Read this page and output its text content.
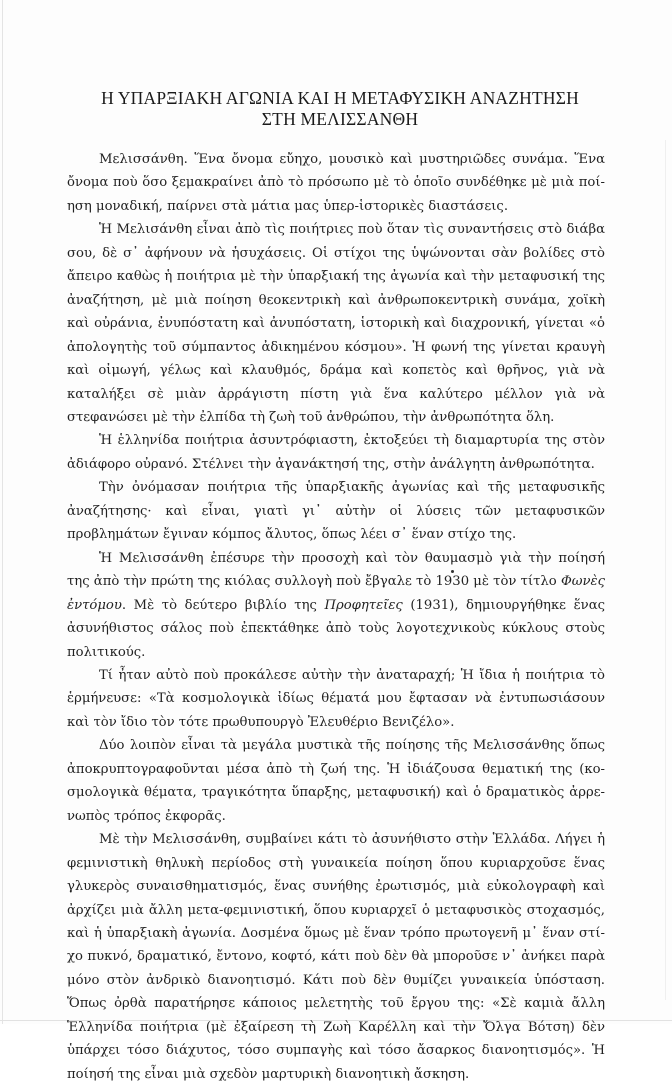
Η ΥΠΑΡΞΙΑΚΗ ΑΓΩΝΙΑ ΚΑΙ Η ΜΕΤΑΦΥΣΙΚΗ ΑΝΑΖΗΤΗΣΗ
ΣΤΗ ΜΕΛΙΣΣΑΝΘΗ

Μελισσάνθη. Ἕνα ὄνομα εὔηχο, μουσικὸ καὶ μυστηριῶδες συνάμα. Ἕνα ὄνομα ποὺ ὅσο ξεμακραίνει ἀπὸ τὸ πρόσωπο μὲ τὸ ὁποῖο συνδέθηκε μὲ μιὰ ποίηση μοναδική, παίρνει στὰ μάτια μας ὑπερ-ἱστορικὲς διαστάσεις.

Ἡ Μελισάνθη εἶναι ἀπὸ τὶς ποιήτριες ποὺ ὅταν τὶς συναντήσεις στὸ διάβα σου, δὲ σ᾽ ἀφήνουν νὰ ἡσυχάσεις. Οἱ στίχοι της ὑψώνονται σὰν βολίδες στὸ ἄπειρο καθὼς ἡ ποιήτρια μὲ τὴν ὑπαρξιακή της ἀγωνία καὶ τὴν μεταφυσική της ἀναζήτηση, μὲ μιὰ ποίηση θεοκεντρικὴ καὶ ἀνθρωποκεντρικὴ συνάμα, χοϊκὴ καὶ οὐράνια, ἐνυπόστατη καὶ ἀνυπόστατη, ἱστορικὴ καὶ διαχρονική, γίνεται «ὁ ἀπολογητὴς τοῦ σύμπαντος ἀδικημένου κόσμου». Ἡ φωνή της γίνεται κραυγὴ καὶ οἰμωγή, γέλως καὶ κλαυθμός, δράμα καὶ κοπετὸς καὶ θρῆνος, γιὰ νὰ καταλήξει σὲ μιὰν ἀρράγιστη πίστη γιὰ ἕνα καλύτερο μέλλον γιὰ νὰ στεφανώσει μὲ τὴν ἐλπίδα τὴ ζωὴ τοῦ ἀνθρώπου, τὴν ἀνθρωπότητα ὅλη.

Ἡ ἑλληνίδα ποιήτρια ἀσυντρόφιαστη, ἐκτοξεύει τὴ διαμαρτυρία της στὸν ἀδιάφορο οὐρανό. Στέλνει τὴν ἀγανάκτησή της, στὴν ἀνάλγητη ἀνθρωπότητα.

Τὴν ὀνόμασαν ποιήτρια τῆς ὑπαρξιακῆς ἀγωνίας καὶ τῆς μεταφυσικῆς ἀναζήτησης· καὶ εἶναι, γιατὶ γι᾽ αὐτὴν οἱ λύσεις τῶν μεταφυσικῶν προβλημάτων ἔγιναν κόμπος ἄλυτος, ὅπως λέει σ᾽ ἕναν στίχο της.

Ἡ Μελισσάνθη ἐπέσυρε τὴν προσοχὴ καὶ τὸν θαυμασμὸ γιὰ τὴν ποίησή της ἀπὸ τὴν πρώτη της κιόλας συλλογὴ ποὺ ἔβγαλε τὸ 1930 μὲ τὸν τίτλο Φωνὲς ἐντόμου. Μὲ τὸ δεύτερο βιβλίο της Προφητεῖες (1931), δημιουργήθηκε ἕνας ἀσυνήθιστος σάλος ποὺ ἐπεκτάθηκε ἀπὸ τοὺς λογοτεχνικοὺς κύκλους στοὺς πολιτικούς.

Τί ἦταν αὐτὸ ποὺ προκάλεσε αὐτὴν τὴν ἀναταραχή; Ἡ ἴδια ἡ ποιήτρια τὸ ἑρμήνευσε: «Τὰ κοσμολογικὰ ἰδίως θέματά μου ἔφτασαν νὰ ἐντυπωσιάσουν καὶ τὸν ἴδιο τὸν τότε πρωθυπουργὸ Ἐλευθέριο Βενιζέλο».

Δύο λοιπὸν εἶναι τὰ μεγάλα μυστικὰ τῆς ποίησης τῆς Μελισσάνθης ὅπως ἀποκρυπτογραφοῦνται μέσα ἀπὸ τὴ ζωή της. Ἡ ἰδιάζουσα θεματική της (κοσμολογικὰ θέματα, τραγικότητα ὕπαρξης, μεταφυσική) καὶ ὁ δραματικὸς ἀρρενωπὸς τρόπος ἐκφορᾶς.

Μὲ τὴν Μελισσάνθη, συμβαίνει κάτι τὸ ἀσυνήθιστο στὴν Ἑλλάδα. Λήγει ἡ φεμινιστικὴ θηλυκὴ περίοδος στὴ γυναικεία ποίηση ὅπου κυριαρχοῦσε ἕνας γλυκερὸς συναισθηματισμός, ἕνας συνήθης ἐρωτισμός, μιὰ εὐκολογραφὴ καὶ ἀρχίζει μιὰ ἄλλη μετα-φεμινιστική, ὅπου κυριαρχεῖ ὁ μεταφυσικὸς στοχασμός, καὶ ἡ ὑπαρξιακὴ ἀγωνία. Δοσμένα ὅμως μὲ ἕναν τρόπο πρωτογενῆ μ᾽ ἕναν στίχο πυκνό, δραματικό, ἔντονο, κοφτό, κάτι ποὺ δὲν θὰ μποροῦσε ν᾽ ἀνήκει παρὰ μόνο στὸν ἀνδρικὸ διανοητισμό. Κάτι ποὺ δὲν θυμίζει γυναικεία ὑπόσταση. Ὅπως ὀρθὰ παρατήρησε κάποιος μελετητὴς τοῦ ἔργου της: «Σὲ καμιὰ ἄλλη Ἑλληνίδα ποιήτρια (μὲ ἐξαίρεση τὴ Ζωὴ Καρέλλη καὶ τὴν Ὄλγα Βότση) δὲν ὑπάρχει τόσο διάχυτος, τόσο συμπαγὴς καὶ τόσο ἄσαρκος διανοητισμός». Ἡ ποίησή της εἶναι μιὰ σχεδὸν μαρτυρικὴ διανοητικὴ ἄσκηση.
